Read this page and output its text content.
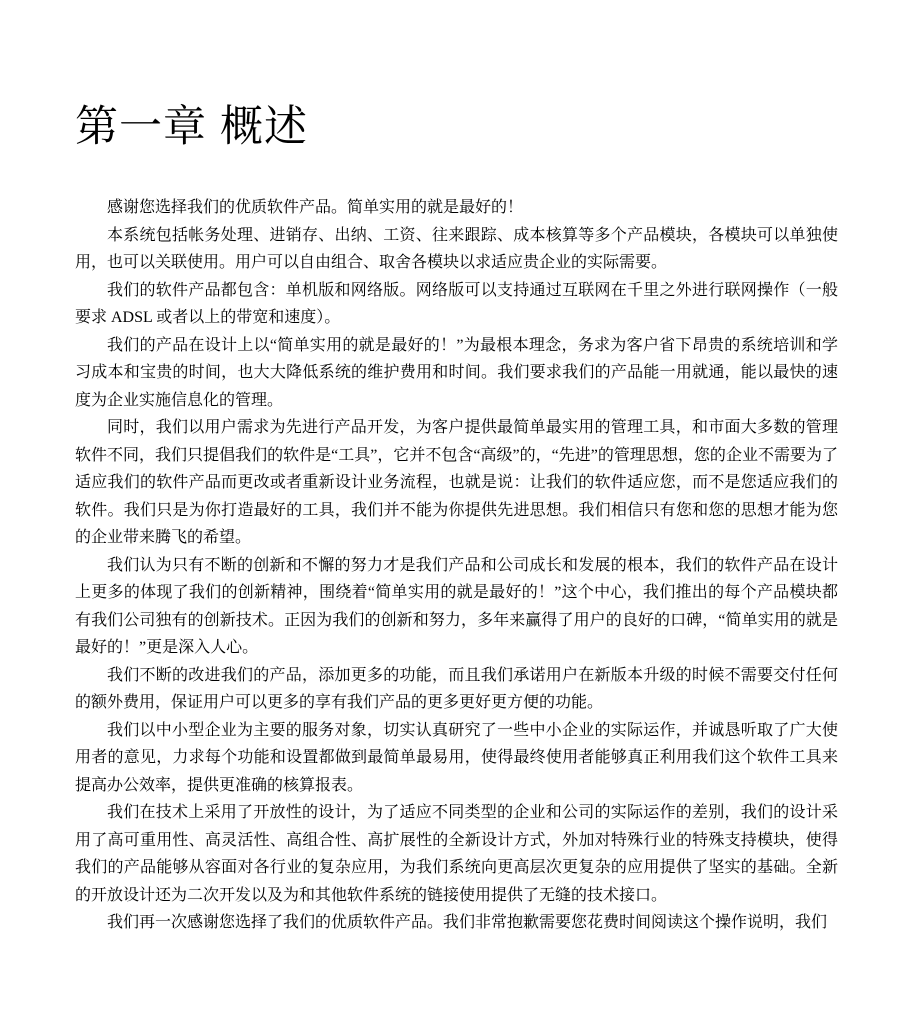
第一章 概述

感谢您选择我们的优质软件产品。简单实用的就是最好的！

本系统包括帐务处理、进销存、出纳、工资、往来跟踪、成本核算等多个产品模块，各模块可以单独使用，也可以关联使用。用户可以自由组合、取舍各模块以求适应贵企业的实际需要。

我们的软件产品都包含：单机版和网络版。网络版可以支持通过互联网在千里之外进行联网操作（一般要求 ADSL 或者以上的带宽和速度）。

我们的产品在设计上以“简单实用的就是最好的！”为最根本理念，务求为客户省下昂贵的系统培训和学习成本和宝贵的时间，也大大降低系统的维护费用和时间。我们要求我们的产品能一用就通，能以最快的速度为企业实施信息化的管理。

同时，我们以用户需求为先进行产品开发，为客户提供最简单最实用的管理工具，和市面大多数的管理软件不同，我们只提倡我们的软件是“工具”，它并不包含“高级”的，“先进”的管理思想，您的企业不需要为了适应我们的软件产品而更改或者重新设计业务流程，也就是说：让我们的软件适应您，而不是您适应我们的软件。我们只是为你打造最好的工具，我们并不能为你提供先进思想。我们相信只有您和您的思想才能为您的企业带来腾飞的希望。

我们认为只有不断的创新和不懈的努力才是我们产品和公司成长和发展的根本，我们的软件产品在设计上更多的体现了我们的创新精神，围绕着“简单实用的就是最好的！”这个中心，我们推出的每个产品模块都有我们公司独有的创新技术。正因为我们的创新和努力，多年来赢得了用户的良好的口碑，“简单实用的就是最好的！”更是深入人心。

我们不断的改进我们的产品，添加更多的功能，而且我们承诺用户在新版本升级的时候不需要交付任何的额外费用，保证用户可以更多的享有我们产品的更多更好更方便的功能。

我们以中小型企业为主要的服务对象，切实认真研究了一些中小企业的实际运作，并诚恳听取了广大使用者的意见，力求每个功能和设置都做到最简单最易用，使得最终使用者能够真正利用我们这个软件工具来提高办公效率，提供更准确的核算报表。

我们在技术上采用了开放性的设计，为了适应不同类型的企业和公司的实际运作的差别，我们的设计采用了高可重用性、高灵活性、高组合性、高扩展性的全新设计方式，外加对特殊行业的特殊支持模块，使得我们的产品能够从容面对各行业的复杂应用，为我们系统向更高层次更复杂的应用提供了坚实的基础。全新的开放设计还为二次开发以及为和其他软件系统的链接使用提供了无缝的技术接口。

我们再一次感谢您选择了我们的优质软件产品。我们非常抱歉需要您花费时间阅读这个操作说明，我们
